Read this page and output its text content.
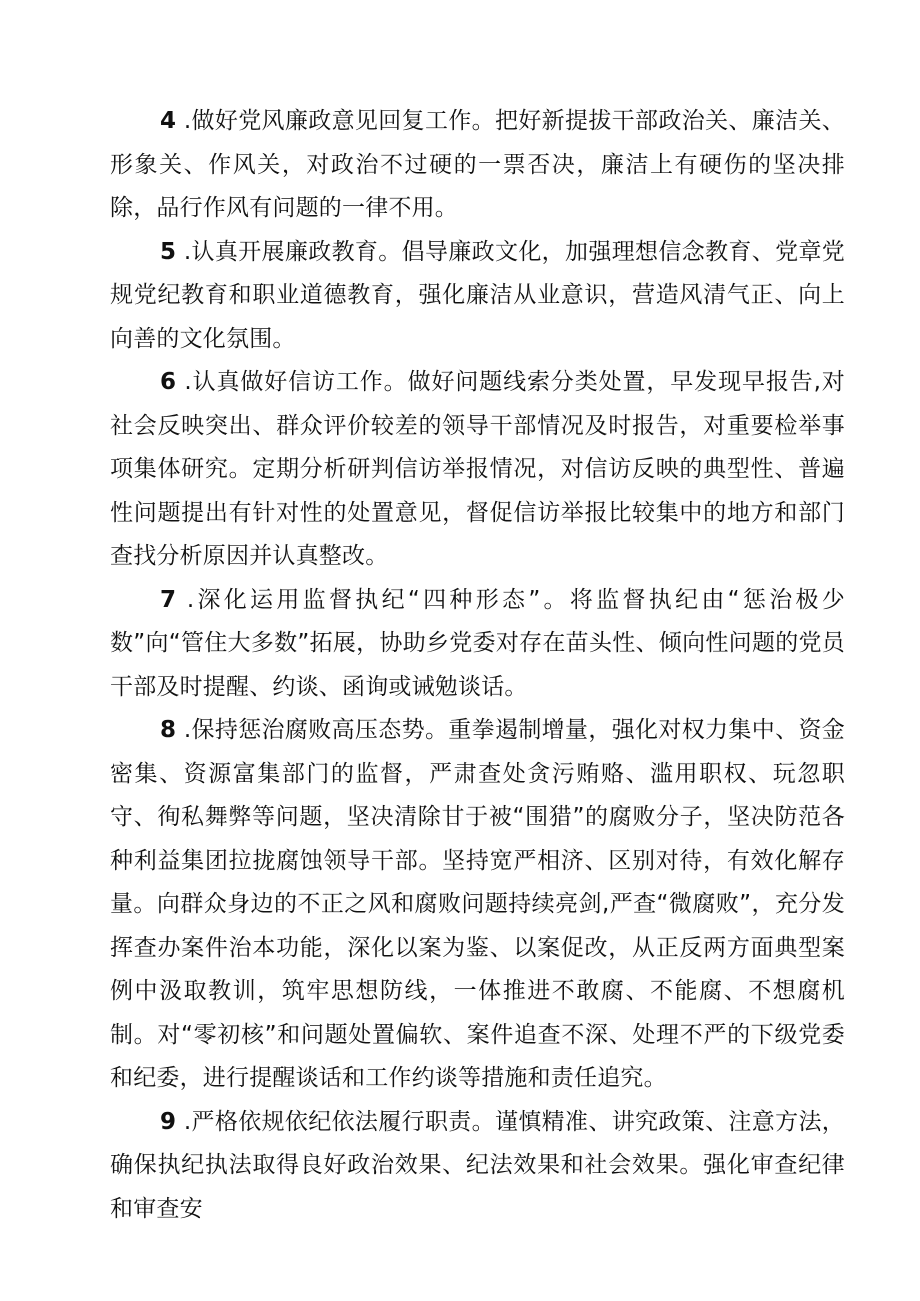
4 .做好党风廉政意见回复工作。把好新提拔干部政治关、廉洁关、形象关、作风关，对政治不过硬的一票否决，廉洁上有硬伤的坚决排除，品行作风有问题的一律不用。

5 .认真开展廉政教育。倡导廉政文化，加强理想信念教育、党章党规党纪教育和职业道德教育，强化廉洁从业意识，营造风清气正、向上向善的文化氛围。

6 .认真做好信访工作。做好问题线索分类处置，早发现早报告,对社会反映突出、群众评价较差的领导干部情况及时报告，对重要检举事项集体研究。定期分析研判信访举报情况，对信访反映的典型性、普遍性问题提出有针对性的处置意见，督促信访举报比较集中的地方和部门查找分析原因并认真整改。

7 .深化运用监督执纪“四种形态”。将监督执纪由“惩治极少数”向“管住大多数”拓展，协助乡党委对存在苗头性、倾向性问题的党员干部及时提醒、约谈、函询或诫勉谈话。

8 .保持惩治腐败高压态势。重拳遏制增量，强化对权力集中、资金密集、资源富集部门的监督，严肃查处贪污贿赂、滥用职权、玩忽职守、徇私舞弊等问题，坚决清除甘于被“围猎”的腐败分子，坚决防范各种利益集团拉拢腐蚀领导干部。坚持宽严相济、区别对待，有效化解存量。向群众身边的不正之风和腐败问题持续亮剑,严查“微腐败”，充分发挥查办案件治本功能，深化以案为鉴、以案促改，从正反两方面典型案例中汲取教训，筑牢思想防线，一体推进不敢腐、不能腐、不想腐机制。对“零初核”和问题处置偏软、案件追查不深、处理不严的下级党委和纪委，进行提醒谈话和工作约谈等措施和责任追究。

9 .严格依规依纪依法履行职责。谨慎精准、讲究政策、注意方法，确保执纪执法取得良好政治效果、纪法效果和社会效果。强化审查纪律和审查安
